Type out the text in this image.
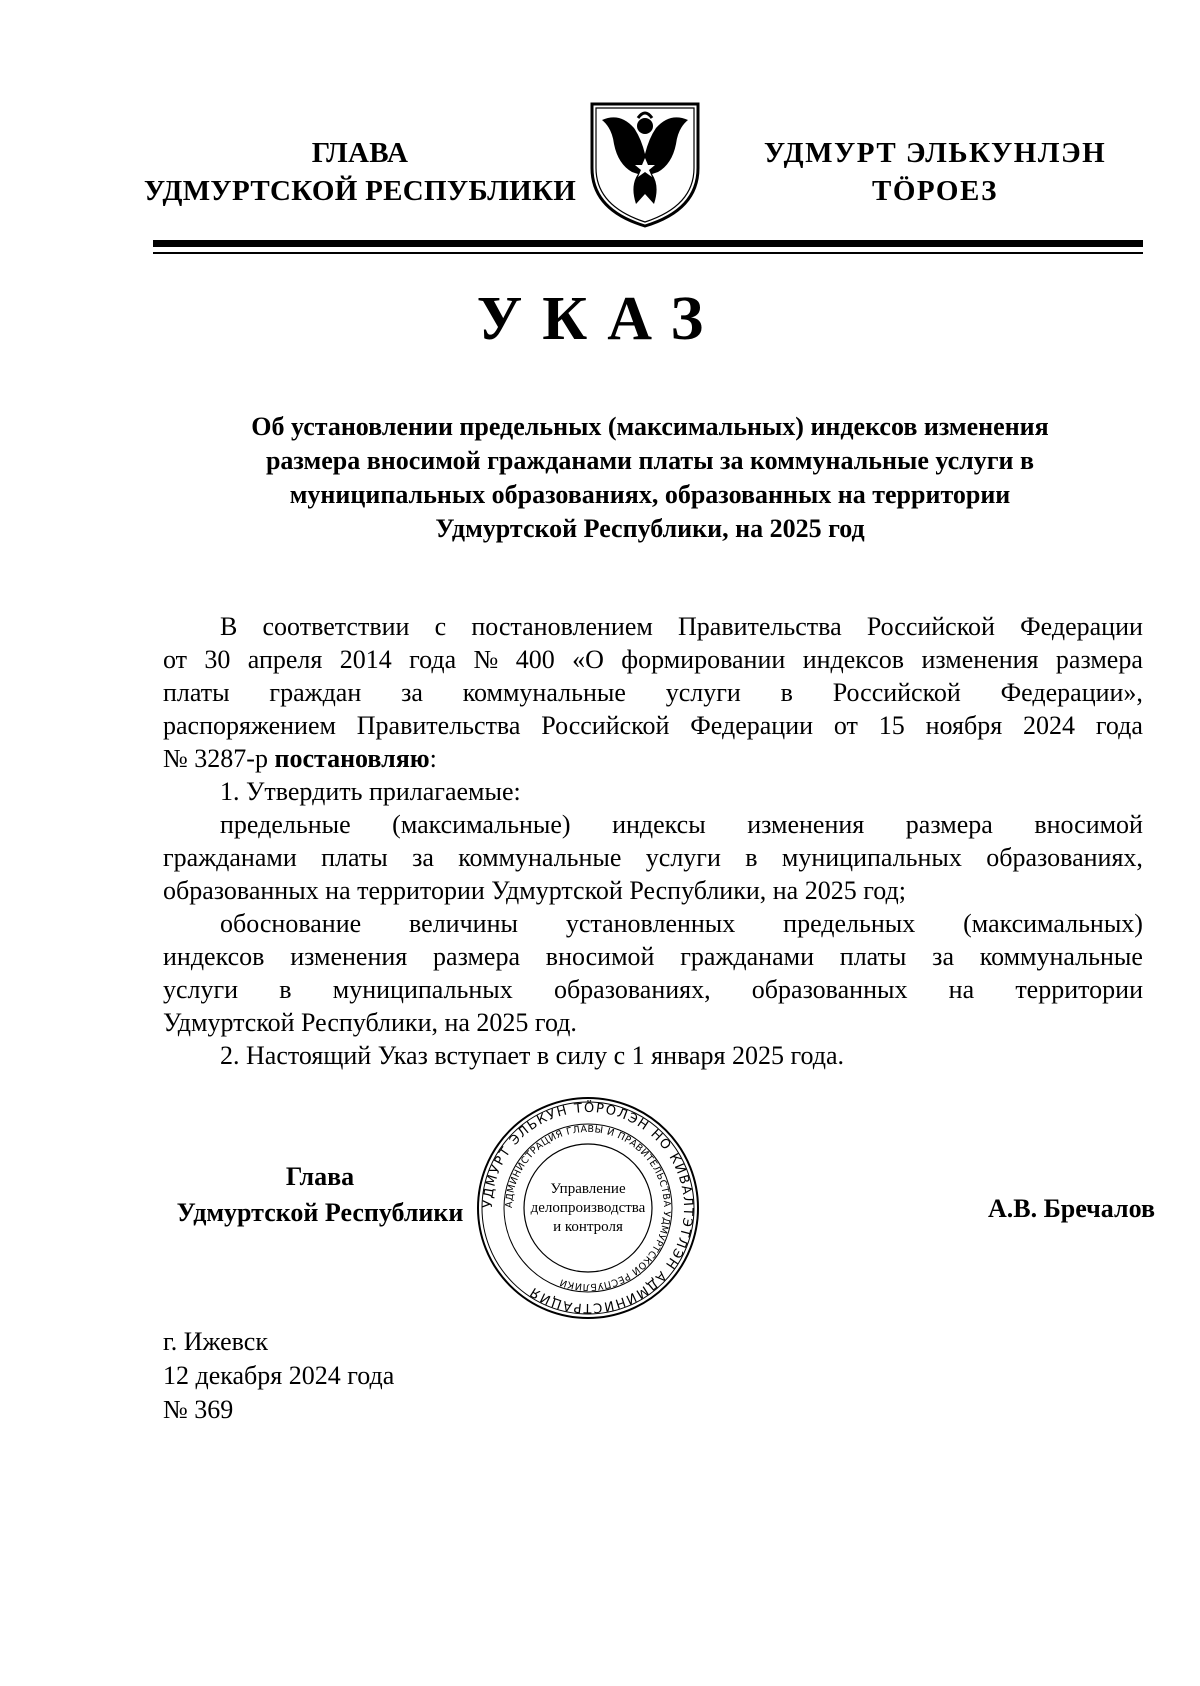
ГЛАВА
УДМУРТСКОЙ РЕСПУБЛИКИ
УДМУРТ ЭЛЬКУНЛЭН
ТӦРОЕЗ
УКАЗ
Об установлении предельных (максимальных) индексов изменения
размера вносимой гражданами платы за коммунальные услуги в
муниципальных образованиях, образованных на территории
Удмуртской Республики, на 2025 год
В соответствии с постановлением Правительства Российской Федерации
от 30 апреля 2014 года № 400 «О формировании индексов изменения размера
платы граждан за коммунальные услуги в Российской Федерации»,
распоряжением Правительства Российской Федерации от 15 ноября 2024 года
№ 3287-р постановляю:
1. Утвердить прилагаемые:
предельные (максимальные) индексы изменения размера вносимой
гражданами платы за коммунальные услуги в муниципальных образованиях,
образованных на территории Удмуртской Республики, на 2025 год;
обоснование величины установленных предельных (максимальных)
индексов изменения размера вносимой гражданами платы за коммунальные
услуги в муниципальных образованиях, образованных на территории
Удмуртской Республики, на 2025 год.
2. Настоящий Указ вступает в силу с 1 января 2025 года.
Глава
Удмуртской Республики	УДМУРТ ЭЛЬКУН ТӦРОЛЭН НО КИВАЛТЭТЛЭН АДМИНИСТРАЦИЯ
АДМИНИСТРАЦИЯ ГЛАВЫ И ПРАВИТЕЛЬСТВА УДМУРТСКОЙ РЕСПУБЛИКИ
Управление
делопроизводства
и контроля
А.В. Бречалов
г. Ижевск
12 декабря 2024 года
№ 369
